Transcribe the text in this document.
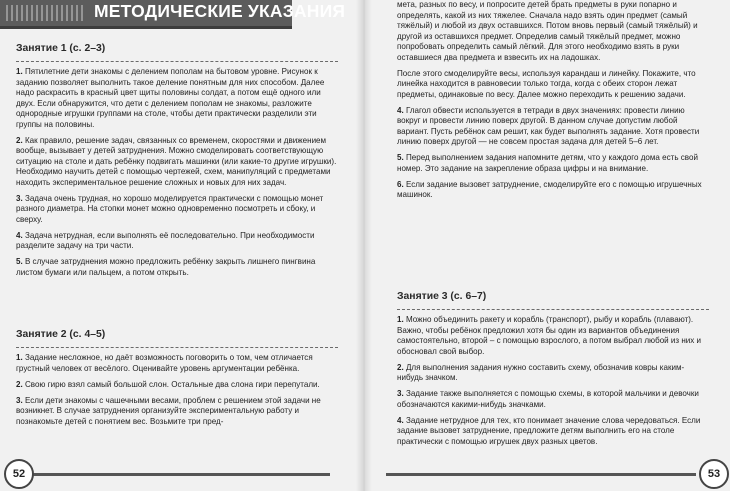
МЕТОДИЧЕСКИЕ УКАЗАНИЯ
Занятие 1 (с. 2–3)

1. Пятилетние дети знакомы с делением пополам на бытовом уровне. Рисунок к заданию позволяет выполнить такое деление понятным для них способом. Далее надо раскрасить в красный цвет щиты половины солдат, а потом ещё одного или двух. Если обнаружится, что дети с делением пополам не знакомы, разложите однородные игрушки группами на столе, чтобы дети практически разделили эти группы на половины.

2. Как правило, решение задач, связанных со временем, скоростями и движением вообще, вызывает у детей затруднения. Можно смоделировать соответствующую ситуацию на столе и дать ребёнку подвигать машинки (или какие-то другие игрушки). Необходимо научить детей с помощью чертежей, схем, манипуляций с предметами находить экспериментальное решение сложных и новых для них задач.

3. Задача очень трудная, но хорошо моделируется практически с помощью монет разного диаметра. На стопки монет можно одновременно посмотреть и сбоку, и сверху.

4. Задача нетрудная, если выполнять её последовательно. При необходимости разделите задачу на три части.

5. В случае затруднения можно предложить ребёнку закрыть лишнего пингвина листом бумаги или пальцем, а потом открыть.

Занятие 2 (с. 4–5)

1. Задание несложное, но даёт возможность поговорить о том, чем отличается грустный человек от весёлого. Оценивайте уровень аргументации ребёнка.

2. Свою гирю взял самый большой слон. Остальные два слона гири перепутали.

3. Если дети знакомы с чашечными весами, проблем с решением этой задачи не возникнет. В случае затруднения организуйте экспериментальную работу и познакомьте детей с понятием вес. Возьмите три пред-

52

мета, разных по весу, и попросите детей брать предметы в руки попарно и определять, какой из них тяжелее. Сначала надо взять один предмет (самый тяжёлый) и любой из двух оставшихся. Потом вновь первый (самый тяжёлый) и другой из оставшихся предмет. Определив самый тяжёлый предмет, можно попробовать определить самый лёгкий. Для этого необходимо взять в руки оставшиеся два предмета и взвесить их на ладошках.

После этого смоделируйте весы, используя карандаш и линейку. Покажите, что линейка находится в равновесии только тогда, когда с обеих сторон лежат предметы, одинаковые по весу. Далее можно переходить к решению задачи.

4. Глагол обвести используется в тетради в двух значениях: провести линию вокруг и провести линию поверх другой. В данном случае допустим любой вариант. Пусть ребёнок сам решит, как будет выполнять задание. Хотя провести линию поверх другой — не совсем простая задача для детей 5–6 лет.

5. Перед выполнением задания напомните детям, что у каждого дома есть свой номер. Это задание на закрепление образа цифры и на внимание.

6. Если задание вызовет затруднение, смоделируйте его с помощью игрушечных машинок.

Занятие 3 (с. 6–7)

1. Можно объединить ракету и корабль (транспорт), рыбу и корабль (плавают). Важно, чтобы ребёнок предложил хотя бы один из вариантов объединения самостоятельно, второй – с помощью взрослого, а потом выбрал любой из них и обосновал свой выбор.

2. Для выполнения задания нужно составить схему, обозначив ковры каким-нибудь значком.

3. Задание также выполняется с помощью схемы, в которой мальчики и девочки обозначаются какими-нибудь значками.

4. Задание нетрудное для тех, кто понимает значение слова чередоваться. Если задание вызовет затруднение, предложите детям выполнить его на столе практически с помощью игрушек двух разных цветов.

53
